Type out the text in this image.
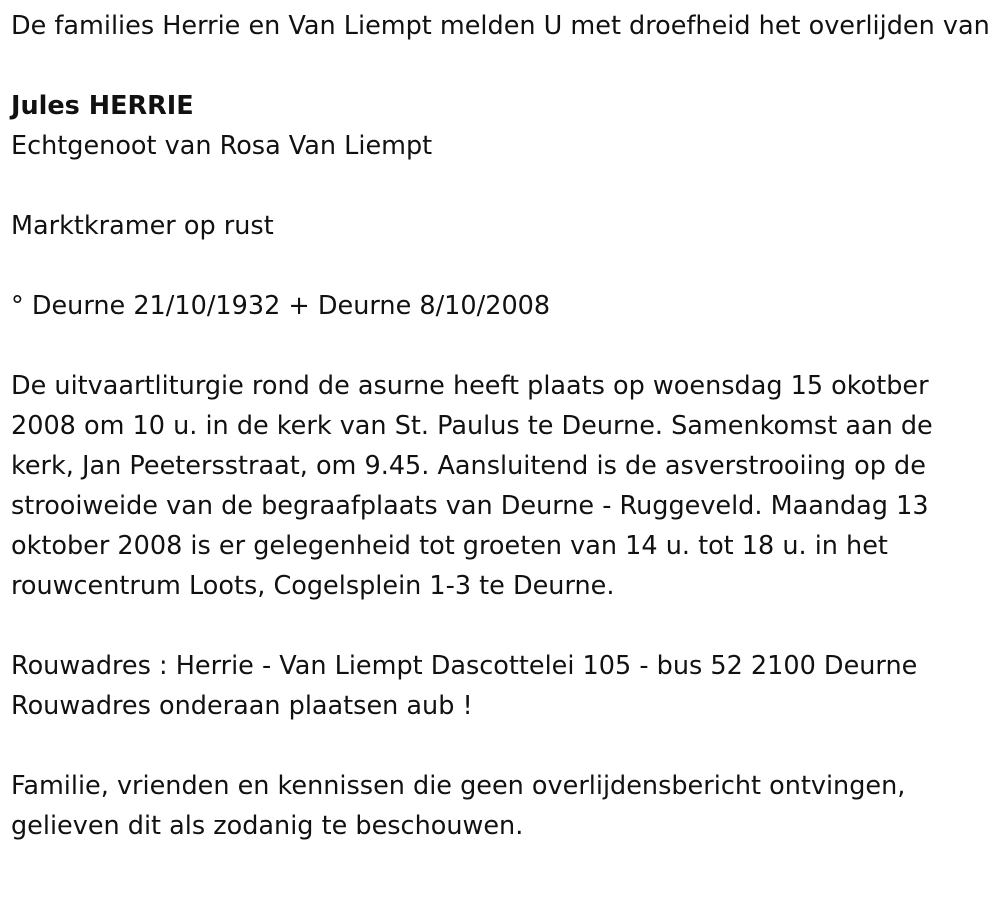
De families Herrie en Van Liempt melden U met droefheid het overlijden van

Jules HERRIE

Echtgenoot van Rosa Van Liempt

Marktkramer op rust

° Deurne 21/10/1932 + Deurne 8/10/2008

De uitvaartliturgie rond de asurne heeft plaats op woensdag 15 okotber 2008 om 10 u. in de kerk van St. Paulus te Deurne. Samenkomst aan de kerk, Jan Peetersstraat, om 9.45. Aansluitend is de asverstrooiing op de strooiweide van de begraafplaats van Deurne - Ruggeveld. Maandag 13 oktober 2008 is er gelegenheid tot groeten van 14 u. tot 18 u. in het rouwcentrum Loots, Cogelsplein 1-3 te Deurne.

Rouwadres : Herrie - Van Liempt Dascottelei 105 - bus 52 2100 Deurne

Rouwadres onderaan plaatsen aub !

Familie, vrienden en kennissen die geen overlijdensbericht ontvingen, gelieven dit als zodanig te beschouwen.
